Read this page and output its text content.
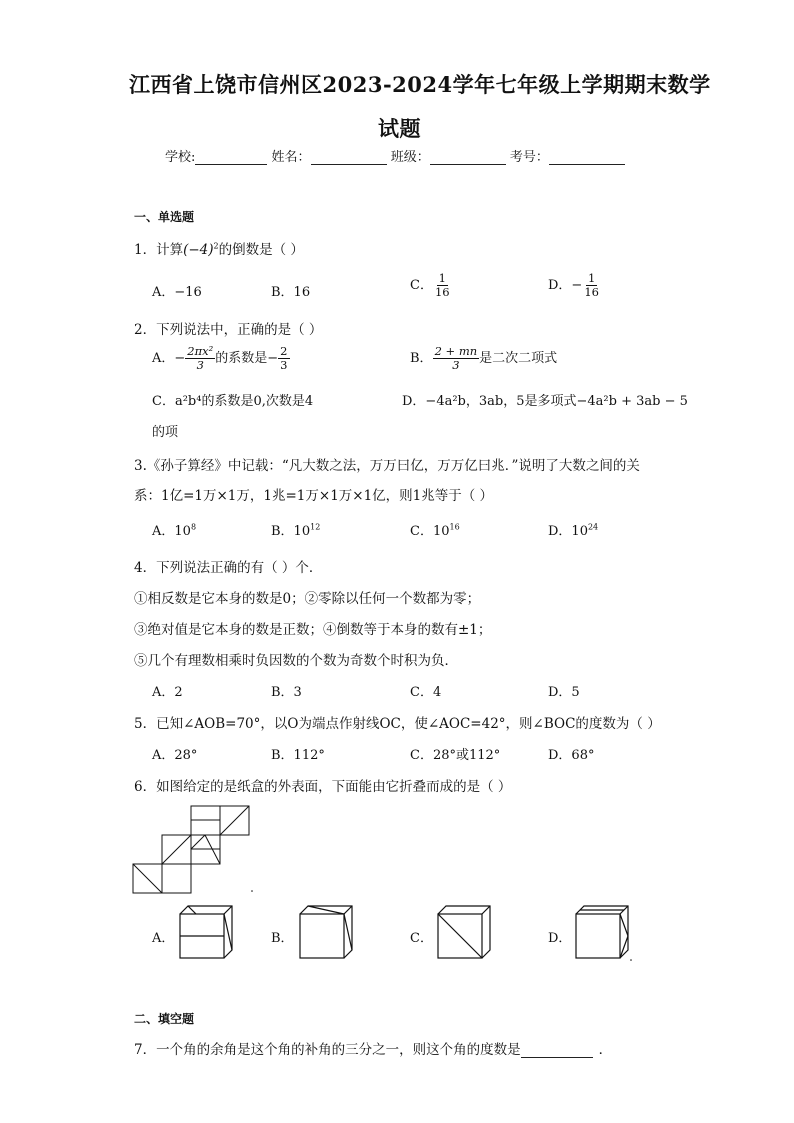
江西省上饶市信州区2023-2024学年七年级上学期期末数学
试题
学校:	姓名：	班级：	考号：
一、单选题
1．计算$(-4)^2$的倒数是（ ）
A．−16	B．16	C． $\frac{1}{16}$	D．− $\frac{1}{16}$
2．下列说法中，正确的是（ ）
A．− $\frac{\text{2πx²}}{3}$ 的系数是− $\frac{2}{3}$	B． $\frac{2 + mn}{3}$ 是二次二项式
C．a²b⁴的系数是0,次数是4	D．−4a²b，3ab，5是多项式−4a²b + 3ab − 5
的项
3.《孙子算经》中记载：“凡大数之法，万万曰亿，万万亿曰兆．”说明了大数之间的关
系：1亿=1万×1万，1兆=1万×1万×1亿，则1兆等于（ ）
A．$10^8$	B．$10^{12}$	C．$10^{16}$	D．$10^{24}$
4．下列说法正确的有（ ）个．
①相反数是它本身的数是0；②零除以任何一个数都为零；
③绝对值是它本身的数是正数；④倒数等于本身的数有±1；
⑤几个有理数相乘时负因数的个数为奇数个时积为负．
A．2	B．3	C．4	D．5
5．已知∠AOB=70°，以O为端点作射线OC，使∠AOC=42°，则∠BOC的度数为（ ）
A．28°	B．112°	C．28°或112°	D．68°
6．如图给定的是纸盒的外表面，下面能由它折叠而成的是（ ）
A．	B．	C．	D．
二、填空题
7．一个角的余角是这个角的补角的三分之一，则这个角的度数是	．
